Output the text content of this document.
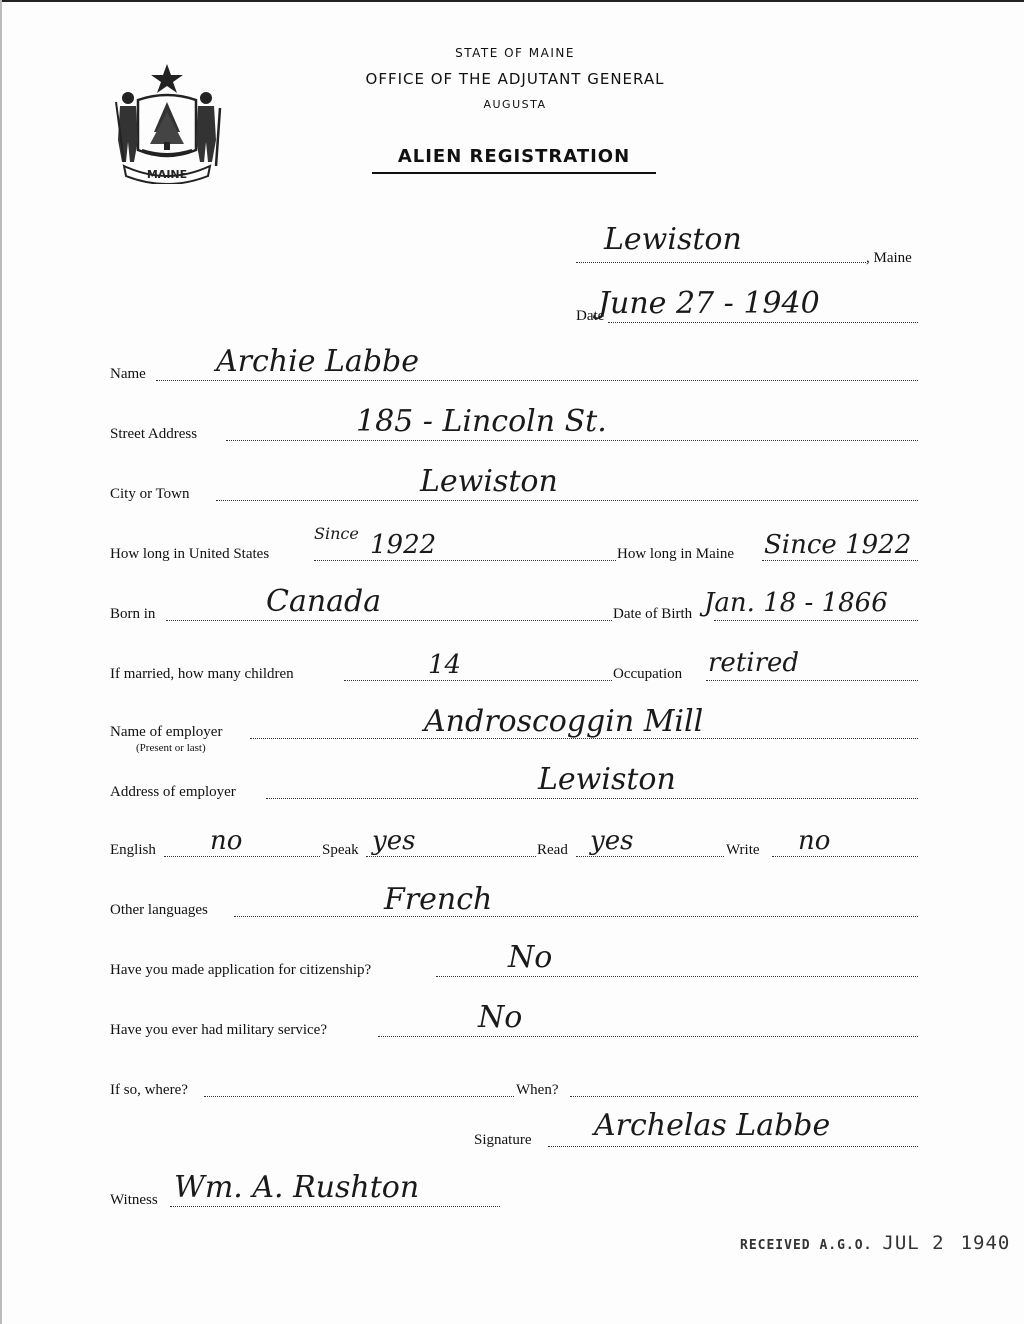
MAINE
STATE OF MAINE
OFFICE OF THE ADJUTANT GENERAL
AUGUSTA
ALIEN REGISTRATION
Lewiston
, Maine
Date
June 27 - 1940
Name Archie Labbe
Street Address	185 - Lincoln St.
City or Town	Lewiston
How long in United States
Since 1922	How long in Maine Since 1922
Born in	Canada	Date of Birth Jan. 18 - 1866
If married, how many children	14	Occupation retired
Name of employer
(Present or last)
Androscoggin Mill
Address of employer	Lewiston
English no	Speak yes	Read yes	Write no
Other languages	French
Have you made application for citizenship?	No
Have you ever had military service?	No
If so, where?	When?
Signature Archelas Labbe
Witness Wm. A. Rushton
RECEIVED A.G.O. JUL 2 1940
